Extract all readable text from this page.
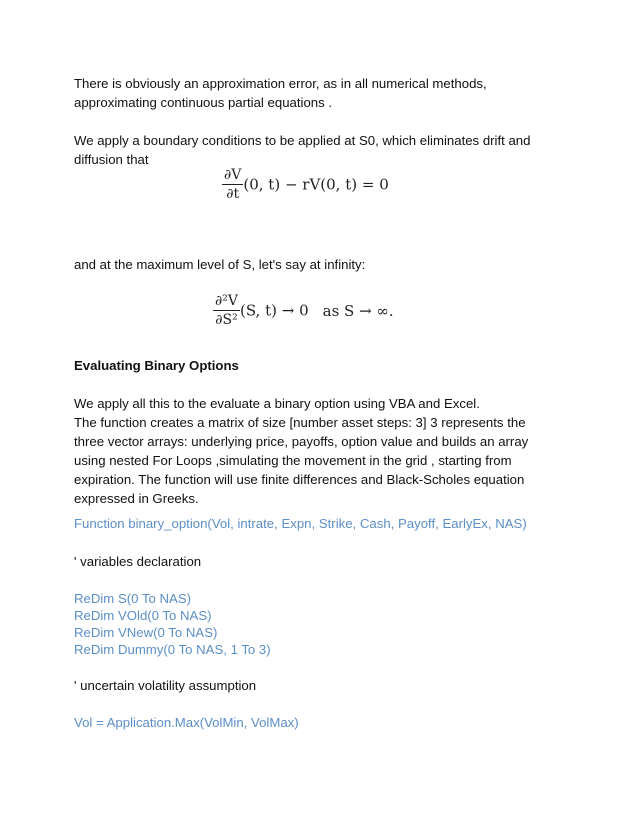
There is obviously an approximation error, as in all numerical methods,
approximating continuous partial equations .
We apply a boundary conditions to be applied at S0, which eliminates drift and
diffusion that
$\frac{\partial V}{\partial t} (0$, t) − rV(0, t) = 0
and at the maximum level of S, let's say at infinity:
$\frac{\text{∂²V}}{\text{∂S²}} (S$, t) → 0 as S → ∞.
Evaluating Binary Options
We apply all this to the evaluate a binary option using VBA and Excel.
The function creates a matrix of size [number asset steps: 3] 3 represents the
three vector arrays: underlying price, payoffs, option value and builds an array
using nested For Loops ,simulating the movement in the grid , starting from
expiration. The function will use finite differences and Black-Scholes equation
expressed in Greeks.
Function binary_option(Vol, intrate, Expn, Strike, Cash, Payoff, EarlyEx, NAS)
' variables declaration
ReDim S(0 To NAS)
ReDim VOld(0 To NAS)
ReDim VNew(0 To NAS)
ReDim Dummy(0 To NAS, 1 To 3)
' uncertain volatility assumption
Vol = Application.Max(VolMin, VolMax)
